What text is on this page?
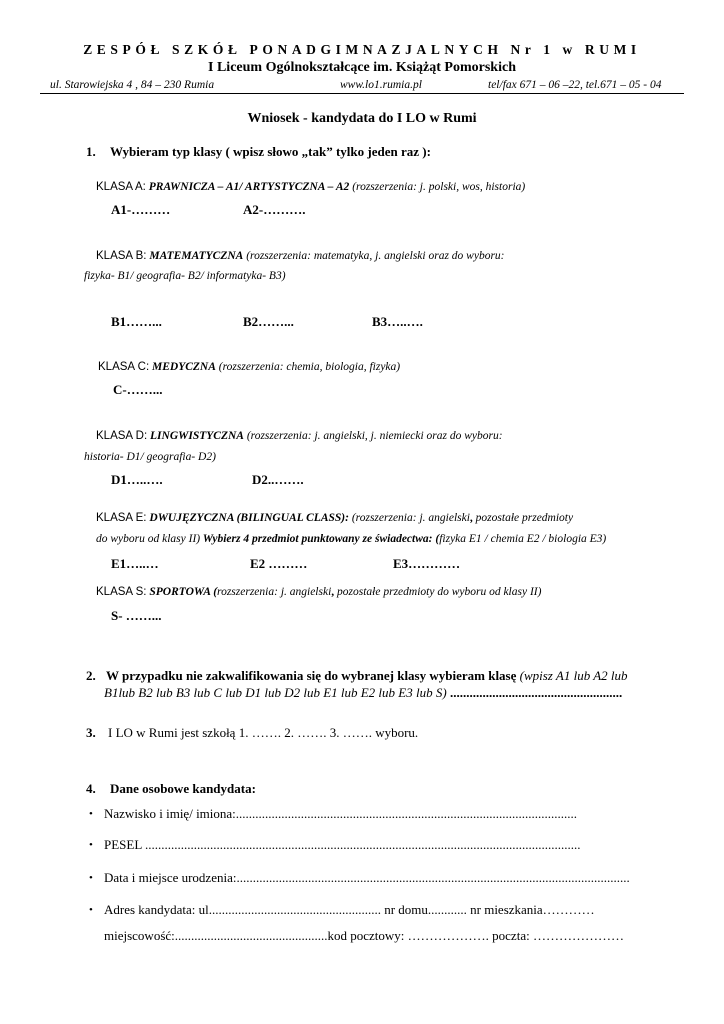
ZESPÓŁ SZKÓŁ PONADGIMNAZJALNYCH Nr 1 w RUMI
I Liceum Ogólnokształcące im. Książąt Pomorskich
ul. Starowiejska 4 , 84 – 230 Rumia	www.lo1.rumia.pl	tel/fax 671 – 06 –22, tel.671 – 05 - 04
Wniosek - kandydata do I LO w Rumi
1. Wybieram typ klasy ( wpisz słowo „tak” tylko jeden raz ):
KLASA A: PRAWNICZA – A1/ ARTYSTYCZNA – A2 (rozszerzenia: j. polski, wos, historia)
A1-………	A2-……….
KLASA B: MATEMATYCZNA (rozszerzenia: matematyka, j. angielski oraz do wyboru:
fizyka- B1/ geografia- B2/ informatyka- B3)
B1……...	B2……...	B3…..….
KLASA C: MEDYCZNA (rozszerzenia: chemia, biologia, fizyka)
C-……...
KLASA D: LINGWISTYCZNA (rozszerzenia: j. angielski, j. niemiecki oraz do wyboru:
historia- D1/ geografia- D2)
D1…..….	D2..…….
KLASA E: DWUJĘZYCZNA (BILINGUAL CLASS): (rozszerzenia: j. angielski, pozostałe przedmioty
do wyboru od klasy II) Wybierz 4 przedmiot punktowany ze świadectwa: (fizyka E1 / chemia E2 / biologia E3)
E1…..…	E2 ………	E3…………
KLASA S: SPORTOWA (rozszerzenia: j. angielski, pozostałe przedmioty do wyboru od klasy II)
S- ……...
2. W przypadku nie zakwalifikowania się do wybranej klasy wybieram klasę (wpisz A1 lub A2 lub
B1lub B2 lub B3 lub C lub D1 lub D2 lub E1 lub E2 lub E3 lub S) .....................................................
3. I LO w Rumi jest szkołą 1. ……. 2. ……. 3. ……. wyboru.
4. Dane osobowe kandydata:
• Nazwisko i imię/ imiona:.........................................................................................................
• PESEL ......................................................................................................................................
• Data i miejsce urodzenia:.........................................................................................................................
• Adres kandydata: ul..................................................... nr domu............ nr mieszkania…………
miejscowość:...............................................kod pocztowy: ………………. poczta: …………………
